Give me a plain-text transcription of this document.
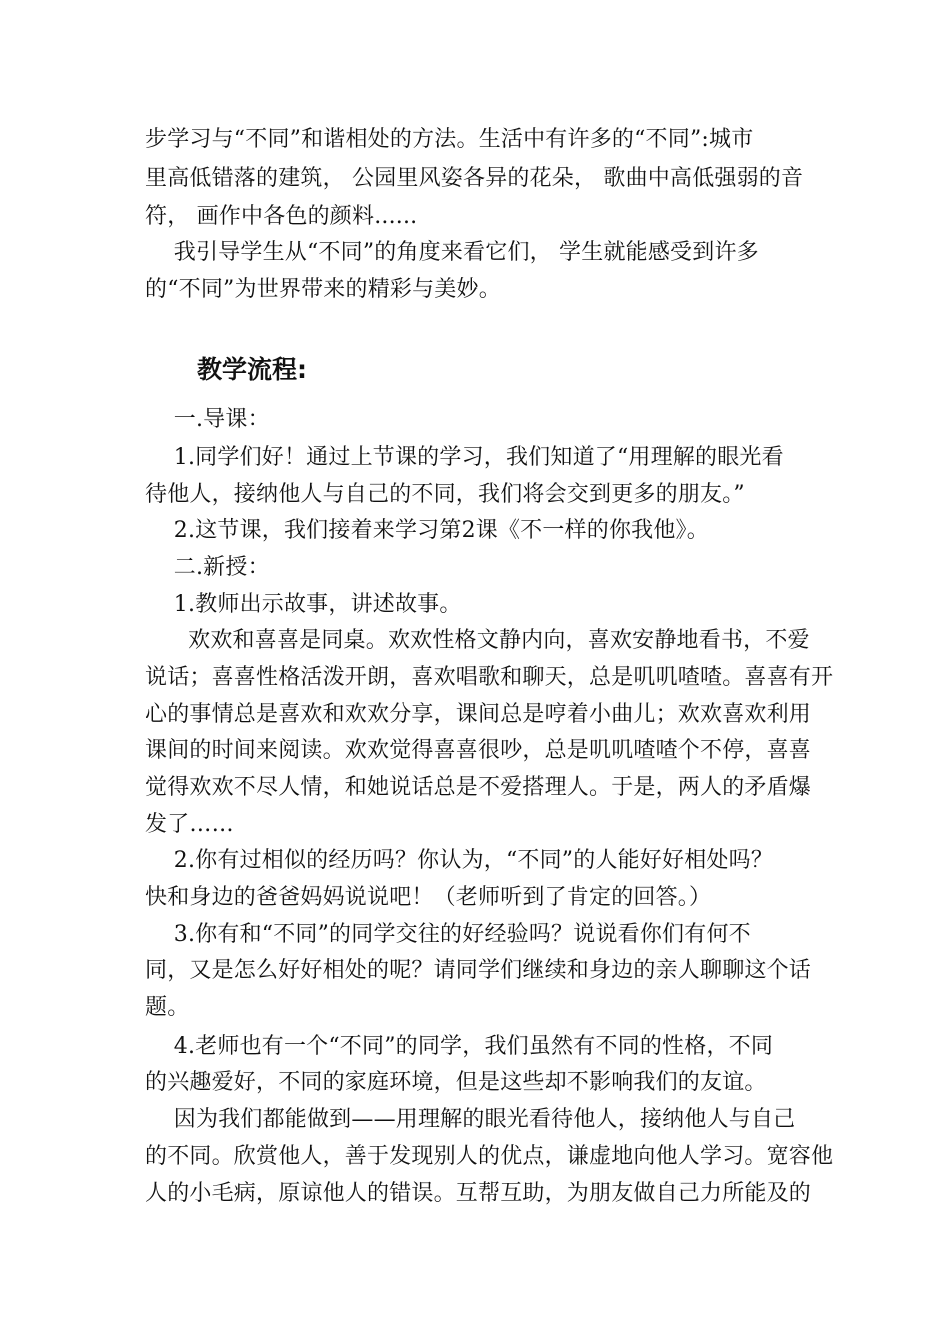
步学习与“不同”和谐相处的方法。生活中有许多的“不同”:城市
里高低错落的建筑， 公园里风姿各异的花朵， 歌曲中高低强弱的音
符， 画作中各色的颜料......
我引导学生从“不同”的角度来看它们， 学生就能感受到许多
的“不同”为世界带来的精彩与美妙。
教学流程:
一.导课：
1.同学们好！通过上节课的学习，我们知道了“用理解的眼光看
待他人，接纳他人与自己的不同，我们将会交到更多的朋友。”
2.这节课，我们接着来学习第2课《不一样的你我他》。
二.新授：
1.教师出示故事，讲述故事。
欢欢和喜喜是同桌。欢欢性格文静内向，喜欢安静地看书，不爱
说话；喜喜性格活泼开朗，喜欢唱歌和聊天，总是叽叽喳喳。喜喜有开
心的事情总是喜欢和欢欢分享，课间总是哼着小曲儿；欢欢喜欢利用
课间的时间来阅读。欢欢觉得喜喜很吵，总是叽叽喳喳个不停，喜喜
觉得欢欢不尽人情，和她说话总是不爱搭理人。于是，两人的矛盾爆
发了……
2.你有过相似的经历吗？你认为，“不同”的人能好好相处吗？
快和身边的爸爸妈妈说说吧！（老师听到了肯定的回答。）
3.你有和“不同”的同学交往的好经验吗？说说看你们有何不
同，又是怎么好好相处的呢？请同学们继续和身边的亲人聊聊这个话
题。
4.老师也有一个“不同”的同学，我们虽然有不同的性格，不同
的兴趣爱好，不同的家庭环境，但是这些却不影响我们的友谊。
因为我们都能做到——用理解的眼光看待他人，接纳他人与自己
的不同。欣赏他人，善于发现别人的优点，谦虚地向他人学习。宽容他
人的小毛病，原谅他人的错误。互帮互助，为朋友做自己力所能及的
